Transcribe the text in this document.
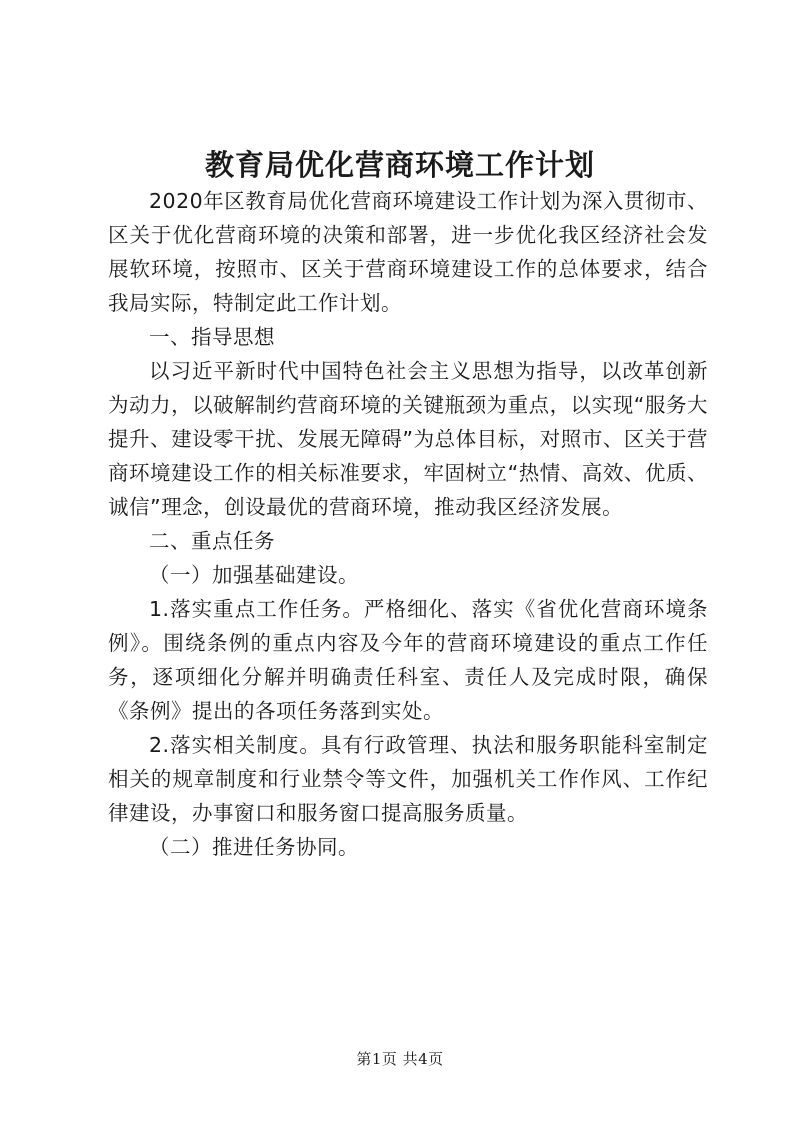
教育局优化营商环境工作计划

2020年区教育局优化营商环境建设工作计划为深入贯彻市、区关于优化营商环境的决策和部署，进一步优化我区经济社会发展软环境，按照市、区关于营商环境建设工作的总体要求，结合我局实际，特制定此工作计划。

一、指导思想

以习近平新时代中国特色社会主义思想为指导，以改革创新为动力，以破解制约营商环境的关键瓶颈为重点，以实现“服务大提升、建设零干扰、发展无障碍”为总体目标，对照市、区关于营商环境建设工作的相关标准要求，牢固树立“热情、高效、优质、诚信”理念，创设最优的营商环境，推动我区经济发展。

二、重点任务

（一）加强基础建设。

1.落实重点工作任务。严格细化、落实《省优化营商环境条例》。围绕条例的重点内容及今年的营商环境建设的重点工作任务，逐项细化分解并明确责任科室、责任人及完成时限，确保《条例》提出的各项任务落到实处。

2.落实相关制度。具有行政管理、执法和服务职能科室制定相关的规章制度和行业禁令等文件，加强机关工作作风、工作纪律建设，办事窗口和服务窗口提高服务质量。

（二）推进任务协同。

第1页 共4页
